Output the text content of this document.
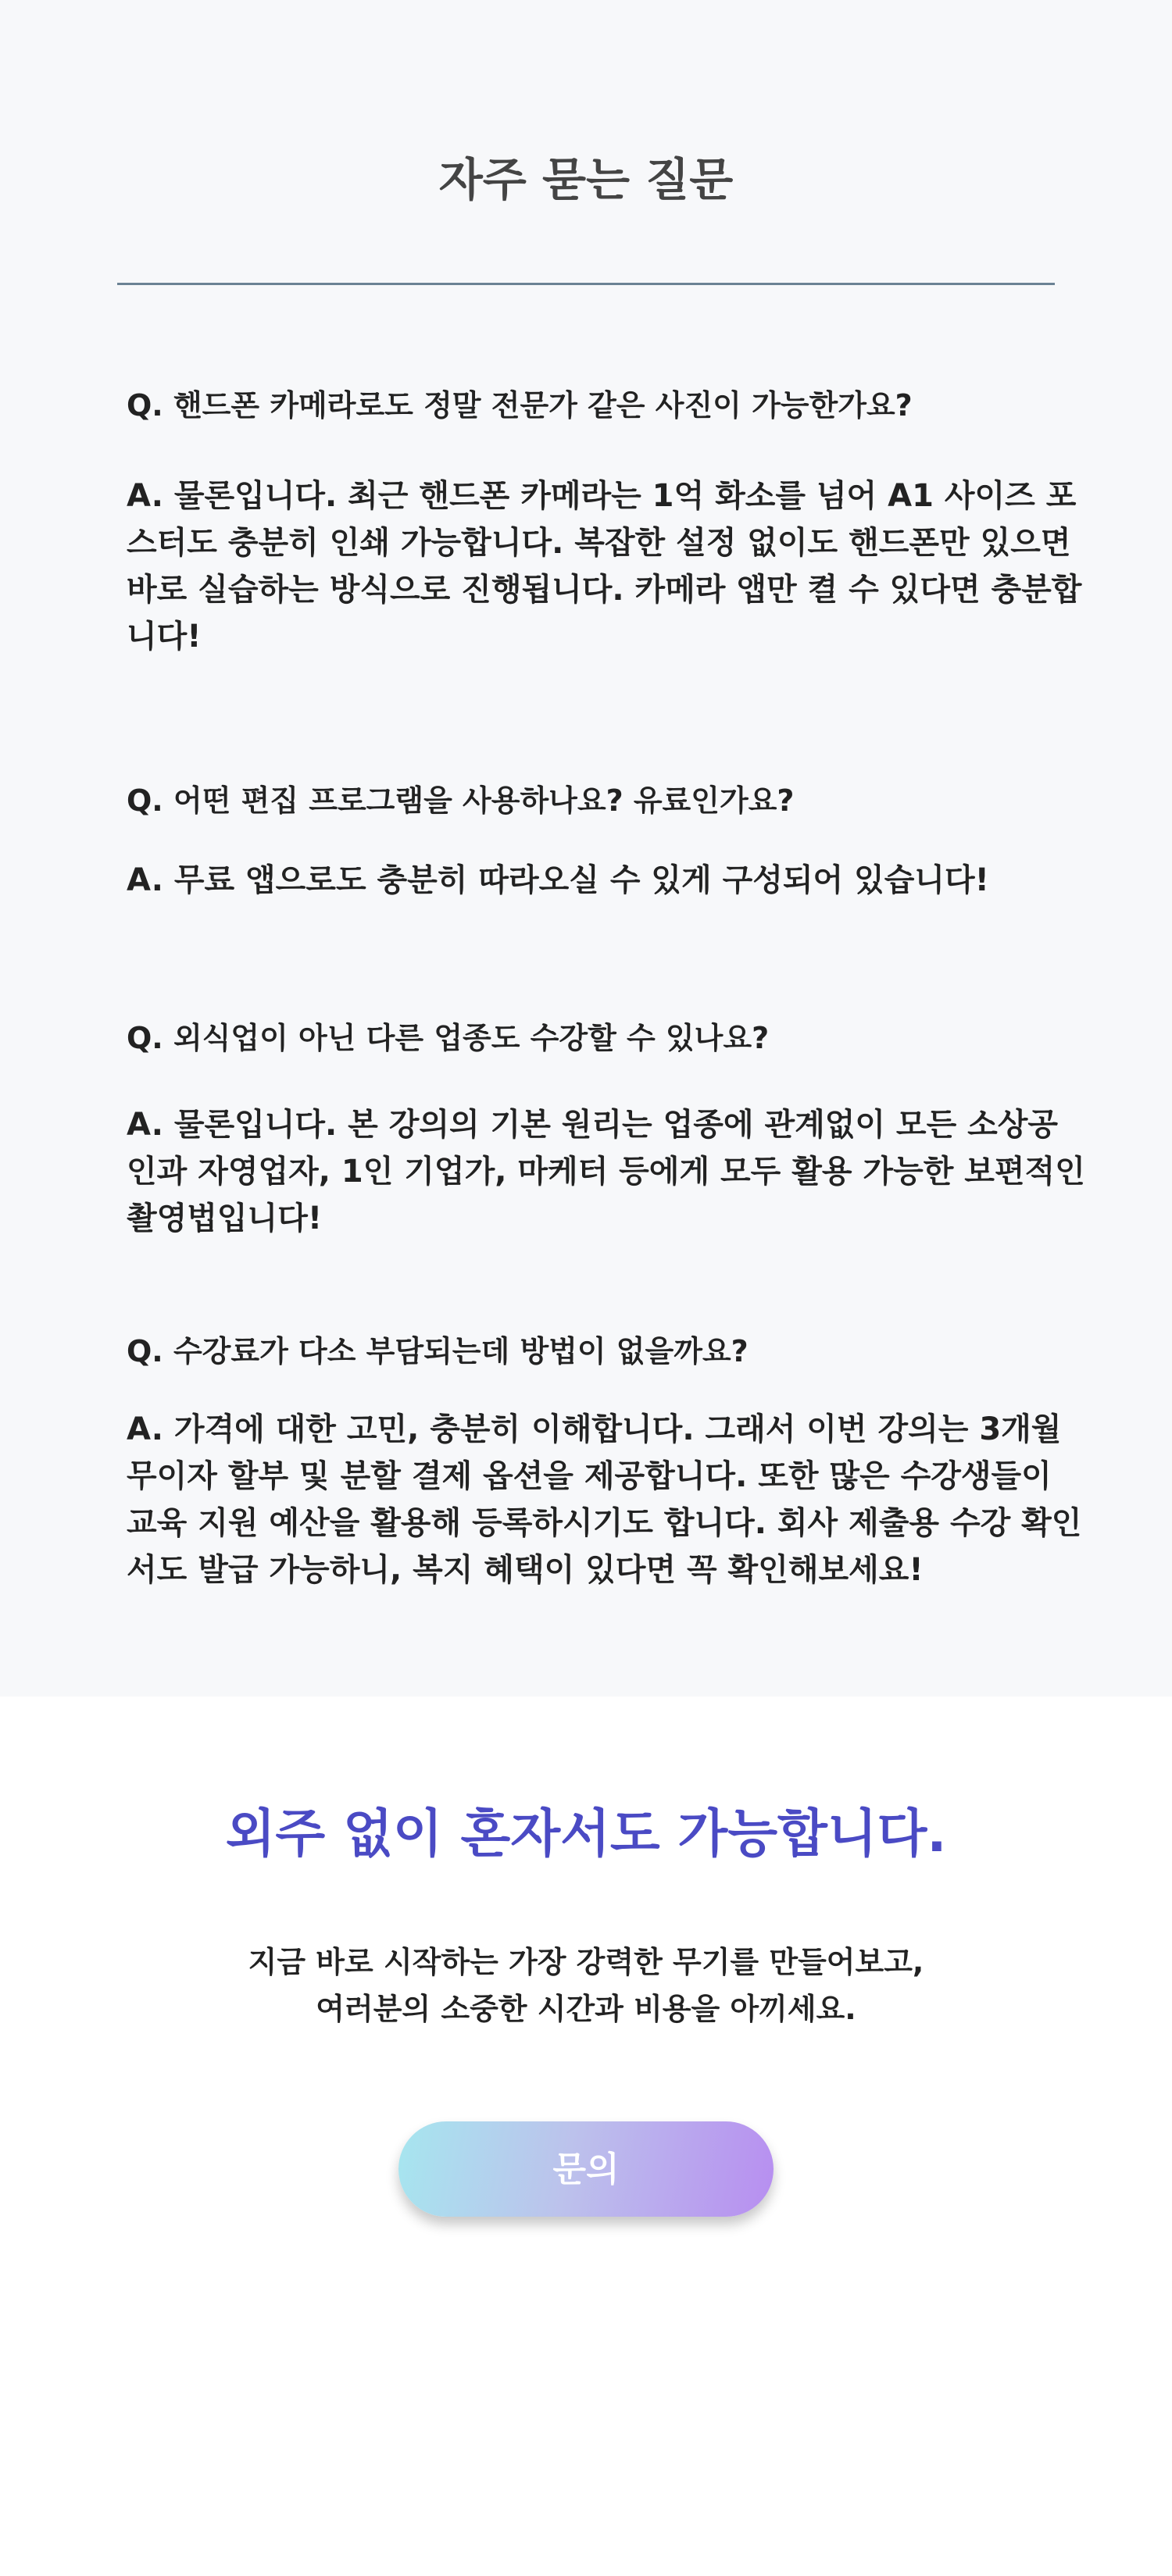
자주 묻는 질문

Q. 핸드폰 카메라로도 정말 전문가 같은 사진이 가능한가요?

A. 물론입니다. 최근 핸드폰 카메라는 1억 화소를 넘어 A1 사이즈 포스터도 충분히 인쇄 가능합니다. 복잡한 설정 없이도 핸드폰만 있으면 바로 실습하는 방식으로 진행됩니다. 카메라 앱만 켤 수 있다면 충분합니다!

Q. 어떤 편집 프로그램을 사용하나요? 유료인가요?

A. 무료 앱으로도 충분히 따라오실 수 있게 구성되어 있습니다!

Q. 외식업이 아닌 다른 업종도 수강할 수 있나요?

A. 물론입니다. 본 강의의 기본 원리는 업종에 관계없이 모든 소상공인과 자영업자, 1인 기업가, 마케터 등에게 모두 활용 가능한 보편적인 촬영법입니다!

Q. 수강료가 다소 부담되는데 방법이 없을까요?

A. 가격에 대한 고민, 충분히 이해합니다. 그래서 이번 강의는 3개월 무이자 할부 및 분할 결제 옵션을 제공합니다. 또한 많은 수강생들이 교육 지원 예산을 활용해 등록하시기도 합니다. 회사 제출용 수강 확인서도 발급 가능하니, 복지 혜택이 있다면 꼭 확인해보세요!

외주 없이 혼자서도 가능합니다.
지금 바로 시작하는 가장 강력한 무기를 만들어보고,
여러분의 소중한 시간과 비용을 아끼세요.
문의
